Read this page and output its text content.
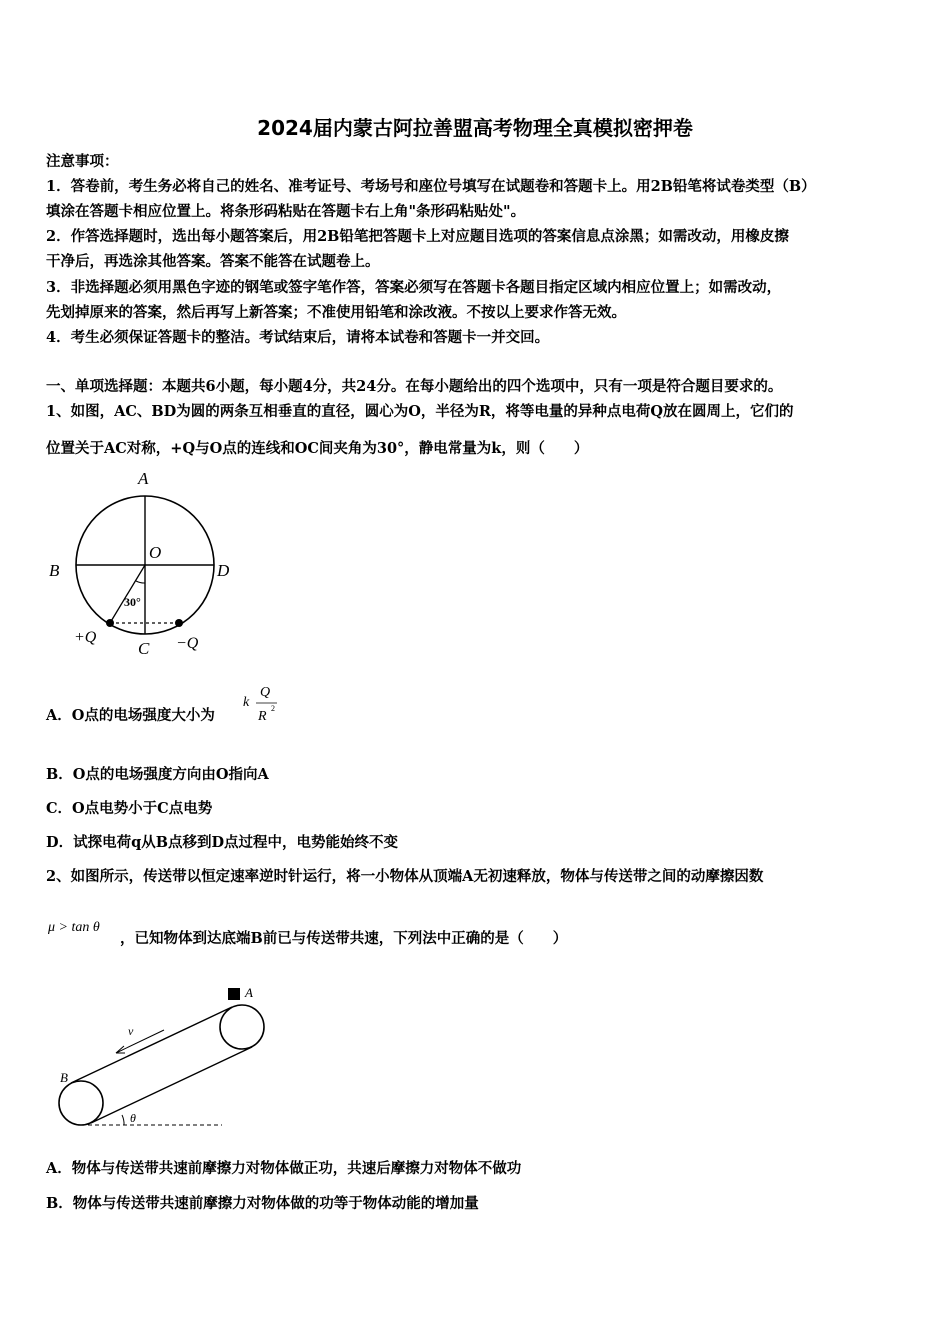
2024届内蒙古阿拉善盟高考物理全真模拟密押卷
注意事项：
1．答卷前，考生务必将自己的姓名、准考证号、考场号和座位号填写在试题卷和答题卡上。用2B铅笔将试卷类型（B）
填涂在答题卡相应位置上。将条形码粘贴在答题卡右上角"条形码粘贴处"。
2．作答选择题时，选出每小题答案后，用2B铅笔把答题卡上对应题目选项的答案信息点涂黑；如需改动，用橡皮擦
干净后，再选涂其他答案。答案不能答在试题卷上。
3．非选择题必须用黑色字迹的钢笔或签字笔作答，答案必须写在答题卡各题目指定区域内相应位置上；如需改动，
先划掉原来的答案，然后再写上新答案；不准使用铅笔和涂改液。不按以上要求作答无效。
4．考生必须保证答题卡的整洁。考试结束后，请将本试卷和答题卡一并交回。
一、单项选择题：本题共6小题，每小题4分，共24分。在每小题给出的四个选项中，只有一项是符合题目要求的。
1、如图，AC、BD为圆的两条互相垂直的直径，圆心为O，半径为R，将等电量的异种点电荷Q放在圆周上，它们的
位置关于AC对称，+Q与O点的连线和OC间夹角为30°，静电常量为k，则（　　）
A
B	D
O
C
30°
+Q	−Q
A．O点的电场强度大小为
k
Q
R
2
B．O点的电场强度方向由O指向A
C．O点电势小于C点电势
D．试探电荷q从B点移到D点过程中，电势能始终不变
2、如图所示，传送带以恒定速率逆时针运行，将一小物体从顶端A无初速释放，物体与传送带之间的动摩擦因数
μ > tan θ
，已知物体到达底端B前已与传送带共速，下列法中正确的是（　　）
A
B
v
θ
A．物体与传送带共速前摩擦力对物体做正功，共速后摩擦力对物体不做功
B．物体与传送带共速前摩擦力对物体做的功等于物体动能的增加量
